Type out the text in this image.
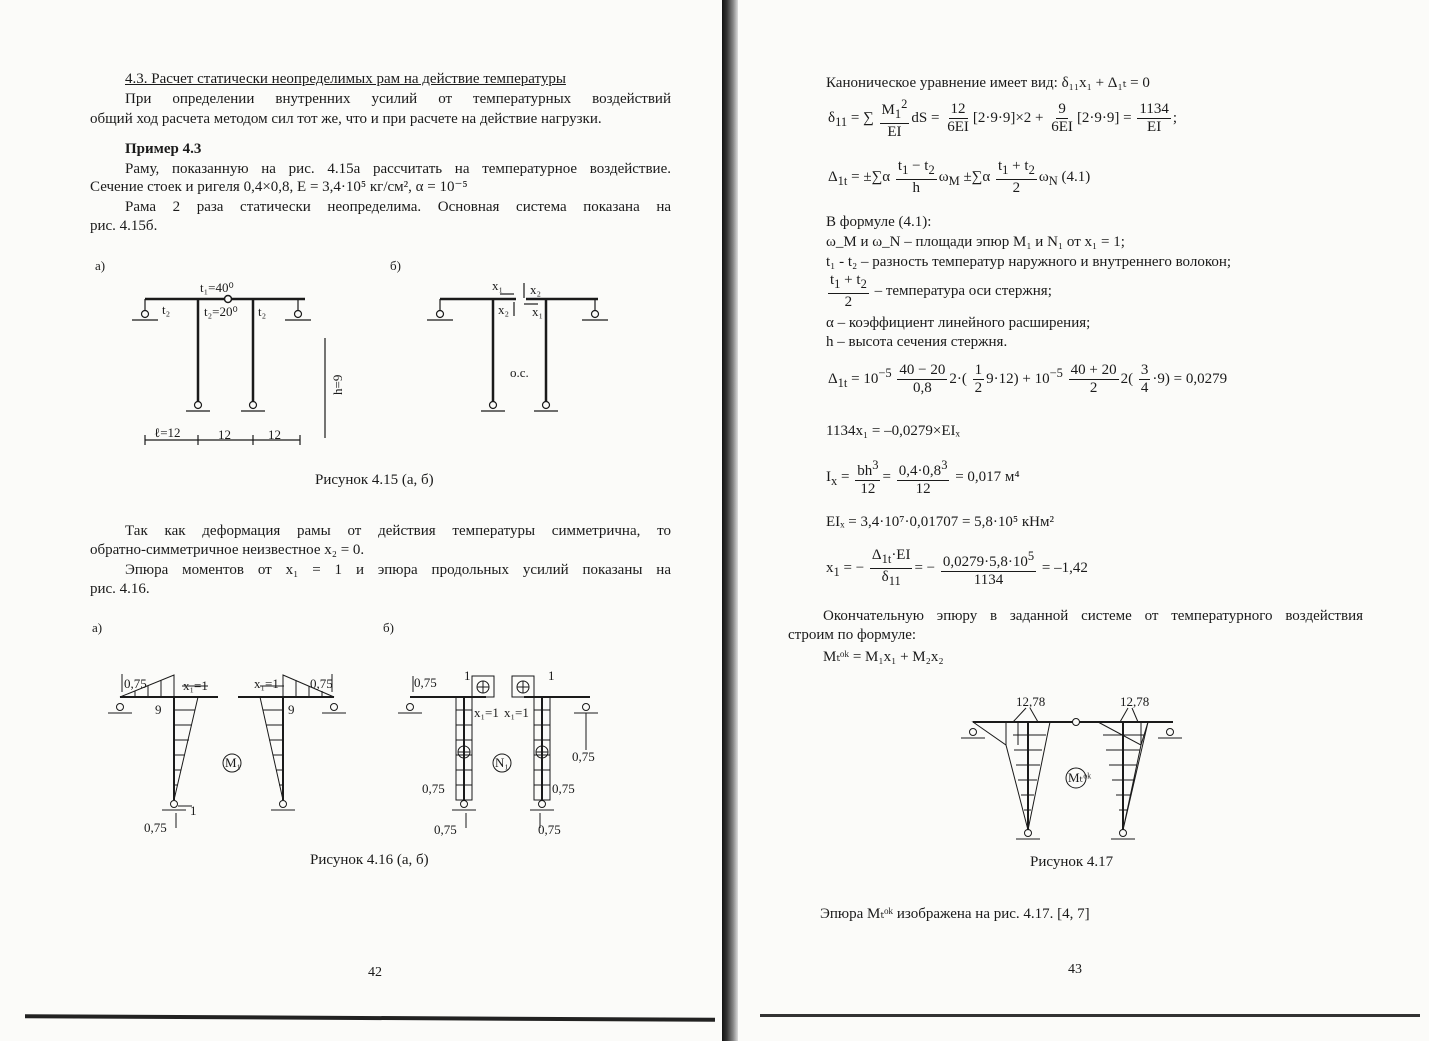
4.3. Расчет статически неопределимых рам на действие температуры
При определении внутренних усилий от температурных воздействий
общий ход расчета методом сил тот же, что и при расчете на действие нагрузки.
Пример 4.3
Раму, показанную на рис. 4.15а рассчитать на температурное воздействие.
Сечение стоек и ригеля 0,4×0,8, E = 3,4·10⁵ кг/см², α = 10⁻⁵
Рама 2 раза статически неопределима. Основная система показана на
рис. 4.15б.
а)	б)
t₁=40⁰
t₂=20⁰
t₂	t₂
h=9
ℓ=12	12	12
x₁ x₂
x₂ x₁
о.с.
Рисунок 4.15 (а, б)
Так как деформация рамы от действия температуры симметрична, то
обратно-симметричное неизвестное x₂ = 0.
Эпюра моментов от x₁ = 1 и эпюра продольных усилий показаны на
рис. 4.16.
а)	б)
M₁
0,75	0,75
9	9
x₁=1	x₁=1
0,75
1
N₁
0,75
0,75
0,75	0,75
0,75	0,75
x₁=1 x₁=1
1	1
Рисунок 4.16 (а, б)
42
Каноническое уравнение имеет вид: δ₁₁x₁ + Δ₁ₜ = 0
$\delta_{11}$ = ∑ $\frac{M_1^2}{EI}$ dS = $\frac{12}{6EI} [2\cdot 9\cdot 9]\times 2 + \frac{9}{6EI} [2\cdot 9\cdot 9] = \frac{1134}{EI}$ ;
$\Delta_{1t} = \pm\sum\alpha \frac{t_1 - t_2}{h} \omega_M \pm\sum\alpha \frac{t_1 + t_2}{2} \omega_N$ (4.1)
В формуле (4.1):
ω_M и ω_N – площади эпюр M₁ и N₁ от x₁ = 1;
t₁ - t₂ – разность температур наружного и внутреннего волокон;
$\frac{t_1 + t_2}{2}$ – температура оси стержня;
α – коэффициент линейного расширения;
h – высота сечения стержня.
$\Delta_{1t} = 10^{-5} \frac{40 - 20}{0,8} 2\cdot( \frac{1}{2} 9\cdot 12) + 10^{-5} \frac{40 + 20}{2} 2( \frac{3}{4} \cdot 9) = 0,0279$
1134x₁ = –0,0279×EIₓ
$I_x = \frac{bh^3}{12} = \frac{0,4\cdot 0,8^3}{12} = 0,017$ м⁴
EIₓ = 3,4·10⁷·0,01707 = 5,8·10⁵ кНм²
$x_1$ = − $\frac{\Delta_{1t}\cdot EI}{\delta_{11}}$ = − $\frac{0,0279\cdot 5,8\cdot 10^5}{1134} = -1,42$
Окончательную эпюру в заданной системе от температурного воздействия
строим по формуле:
Mₜᵒᵏ = M₁x₁ + M₂x₂
Mₜᵒᵏ
12,78	12,78
Рисунок 4.17
Эпюра Mₜᵒᵏ изображена на рис. 4.17. [4, 7]
43
